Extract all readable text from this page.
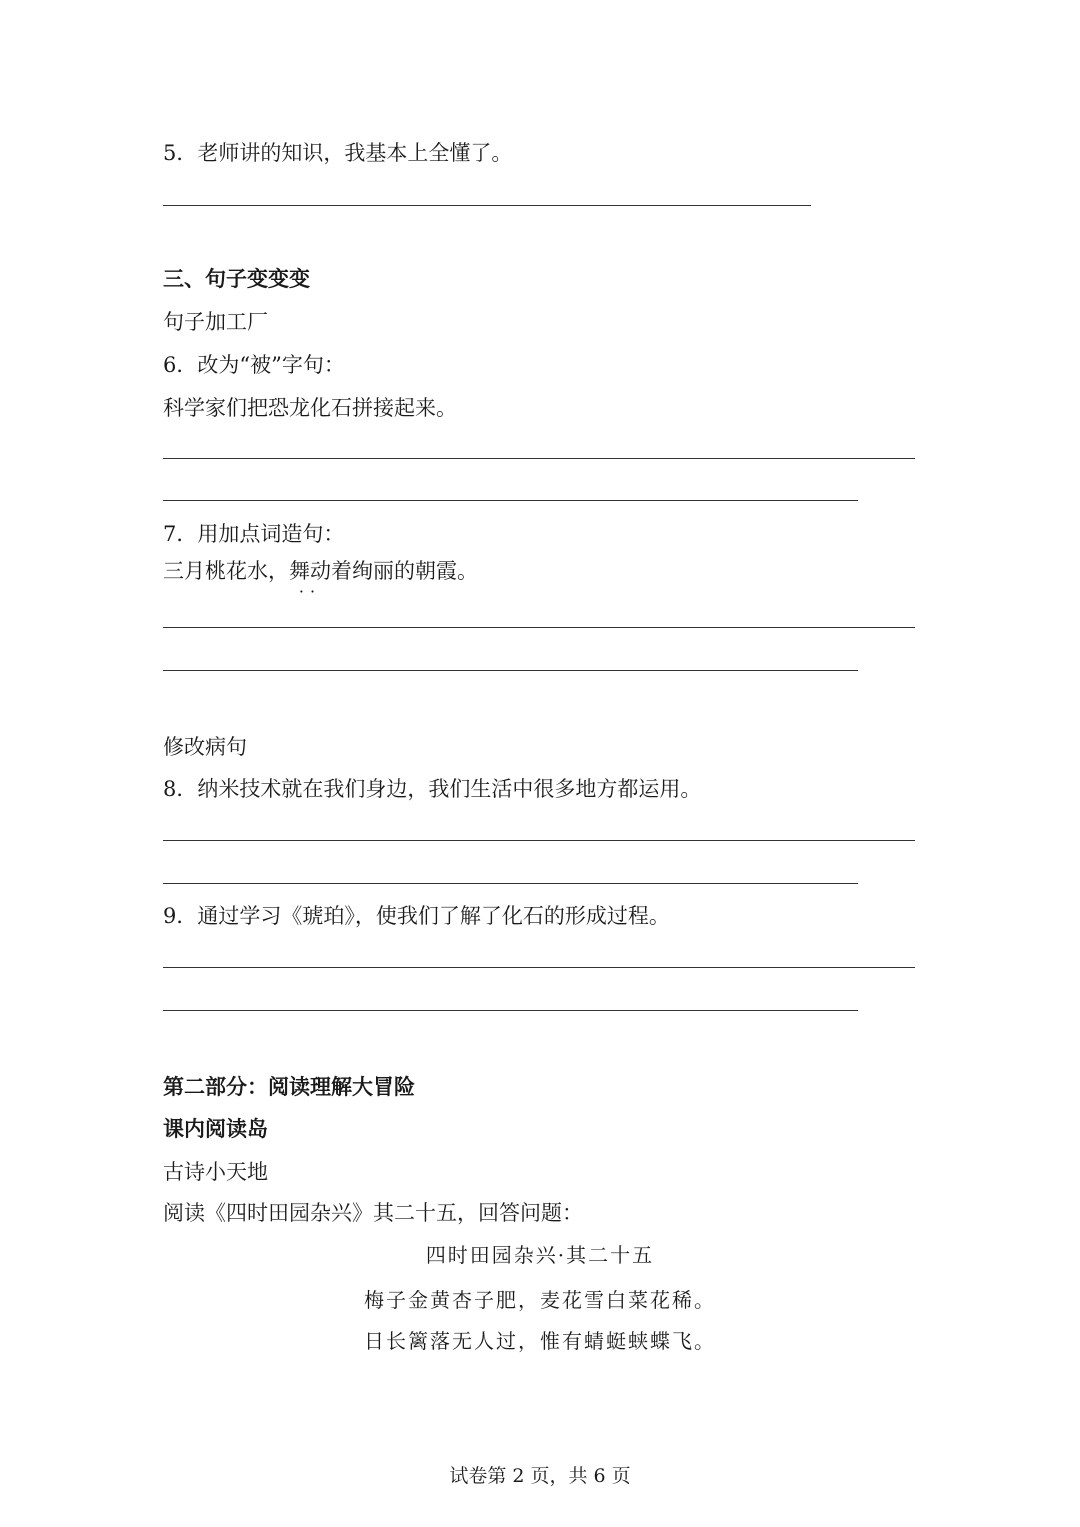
5．老师讲的知识，我基本上全懂了。
三、句子变变变
句子加工厂
6．改为“被”字句：
科学家们把恐龙化石拼接起来。
7．用加点词造句：
三月桃花水，舞动
··
着绚丽的朝霞。
修改病句
8．纳米技术就在我们身边，我们生活中很多地方都运用。
9．通过学习《琥珀》，使我们了解了化石的形成过程。
第二部分：阅读理解大冒险
课内阅读岛
古诗小天地
阅读《四时田园杂兴》其二十五，回答问题：
四时田园杂兴·其二十五
梅子金黄杏子肥，麦花雪白菜花稀。
日长篱落无人过，惟有蜻蜓蛱蝶飞。
试卷第 2 页，共 6 页
